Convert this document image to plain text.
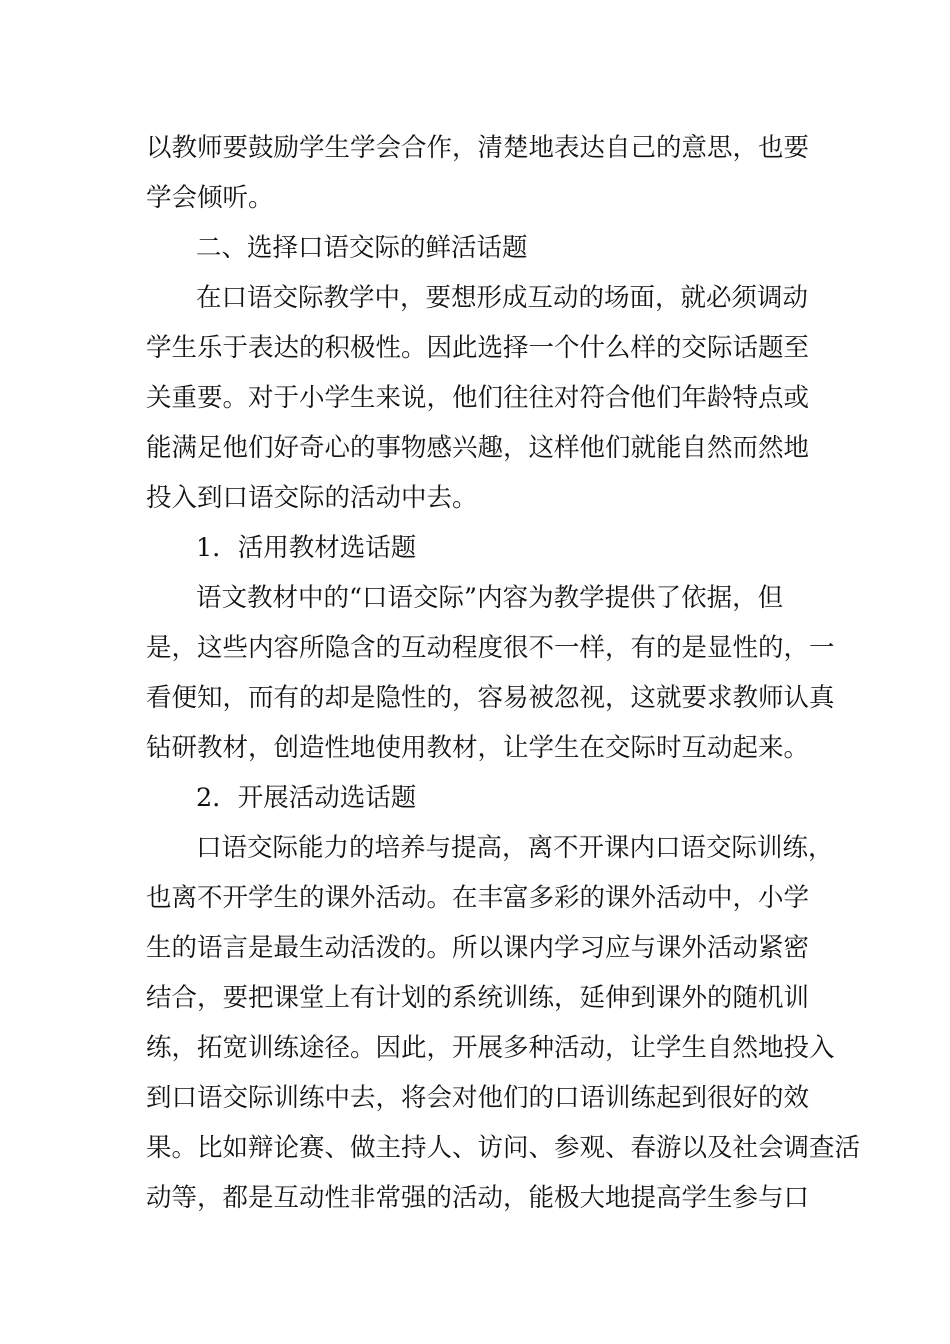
以教师要鼓励学生学会合作，清楚地表达自己的意思，也要
学会倾听。
二、选择口语交际的鲜活话题
在口语交际教学中，要想形成互动的场面，就必须调动
学生乐于表达的积极性。因此选择一个什么样的交际话题至
关重要。对于小学生来说，他们往往对符合他们年龄特点或
能满足他们好奇心的事物感兴趣，这样他们就能自然而然地
投入到口语交际的活动中去。
1．活用教材选话题
语文教材中的“口语交际”内容为教学提供了依据，但
是，这些内容所隐含的互动程度很不一样，有的是显性的，一
看便知，而有的却是隐性的，容易被忽视，这就要求教师认真
钻研教材，创造性地使用教材，让学生在交际时互动起来。
2．开展活动选话题
口语交际能力的培养与提高，离不开课内口语交际训练，
也离不开学生的课外活动。在丰富多彩的课外活动中，小学
生的语言是最生动活泼的。所以课内学习应与课外活动紧密
结合，要把课堂上有计划的系统训练，延伸到课外的随机训
练，拓宽训练途径。因此，开展多种活动，让学生自然地投入
到口语交际训练中去，将会对他们的口语训练起到很好的效
果。比如辩论赛、做主持人、访问、参观、春游以及社会调查活
动等，都是互动性非常强的活动，能极大地提高学生参与口
